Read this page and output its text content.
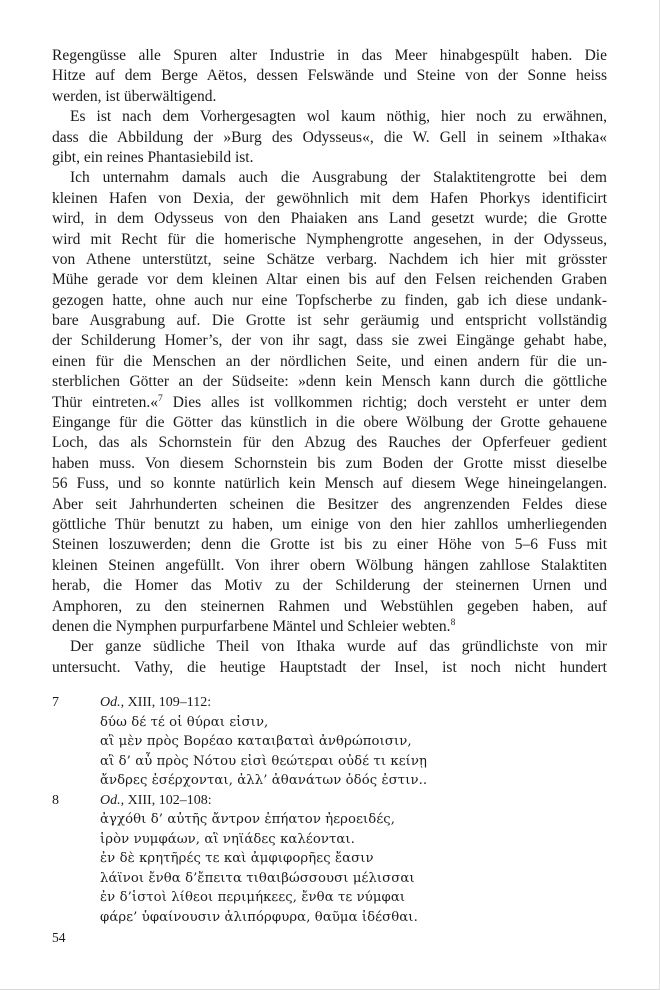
Regengüsse alle Spuren alter Industrie in das Meer hinabgespült haben. Die
Hitze auf dem Berge Aëtos, dessen Felswände und Steine von der Sonne heiss
werden, ist überwältigend.
Es ist nach dem Vorhergesagten wol kaum nöthig, hier noch zu erwähnen,
dass die Abbildung der »Burg des Odysseus«, die W. Gell in seinem »Ithaka«
gibt, ein reines Phantasiebild ist.
Ich unternahm damals auch die Ausgrabung der Stalaktitengrotte bei dem
kleinen Hafen von Dexia, der gewöhnlich mit dem Hafen Phorkys identificirt
wird, in dem Odysseus von den Phaiaken ans Land gesetzt wurde; die Grotte
wird mit Recht für die homerische Nymphengrotte angesehen, in der Odysseus,
von Athene unterstützt, seine Schätze verbarg. Nachdem ich hier mit grösster
Mühe gerade vor dem kleinen Altar einen bis auf den Felsen reichenden Graben
gezogen hatte, ohne auch nur eine Topfscherbe zu finden, gab ich diese undank-
bare Ausgrabung auf. Die Grotte ist sehr geräumig und entspricht vollständig
der Schilderung Homer’s, der von ihr sagt, dass sie zwei Eingänge gehabt habe,
einen für die Menschen an der nördlichen Seite, und einen andern für die un-
sterblichen Götter an der Südseite: »denn kein Mensch kann durch die göttliche
Thür eintreten.«$^7$ Dies alles ist vollkommen richtig; doch versteht er unter dem
Eingange für die Götter das künstlich in die obere Wölbung der Grotte gehauene
Loch, das als Schornstein für den Abzug des Rauches der Opferfeuer gedient
haben muss. Von diesem Schornstein bis zum Boden der Grotte misst dieselbe
56 Fuss, und so konnte natürlich kein Mensch auf diesem Wege hineingelangen.
Aber seit Jahrhunderten scheinen die Besitzer des angrenzenden Feldes diese
göttliche Thür benutzt zu haben, um einige von den hier zahllos umherliegenden
Steinen loszuwerden; denn die Grotte ist bis zu einer Höhe von 5–6 Fuss mit
kleinen Steinen angefüllt. Von ihrer obern Wölbung hängen zahllose Stalaktiten
herab, die Homer das Motiv zu der Schilderung der steinernen Urnen und
Amphoren, zu den steinernen Rahmen und Webstühlen gegeben haben, auf
denen die Nymphen purpurfarbene Mäntel und Schleier webten.$^8$
Der ganze südliche Theil von Ithaka wurde auf das gründlichste von mir
untersucht. Vathy, die heutige Hauptstadt der Insel, ist noch nicht hundert
7	Od., XIII, 109–112:
δύω δέ τέ οἱ θύραι εἰσιν,
αἳ μὲν πρὸς Βορέαο καταιβαταὶ ἀνθρώποισιν,
αἳ δ’ αὖ πρὸς Νότου εἰσὶ θεώτεραι οὐδέ τι κείνῃ
ἄνδρες ἐσέρχονται, ἀλλ’ ἀθανάτων ὁδός ἐστιν..
8	Od., XIII, 102–108:
ἀγχόθι δ’ αὐτῆς ἄντρον ἐπήατον ἠεροειδές,
ἱρὸν νυμφάων, αἳ νηϊάδες καλέονται.
ἐν δὲ κρητῆρές τε καὶ ἀμφιφορῆες ἔασιν
λάϊνοι ἔνθα δ’ἔπειτα τιθαιβώσσουσι μέλισσαι
ἐν δ’ἱστοὶ λίθεοι περιμήκεες, ἔνθα τε νύμφαι
φάρε’ ὑφαίνουσιν ἁλιπόρφυρα, θαῦμα ἰδέσθαι.
54
